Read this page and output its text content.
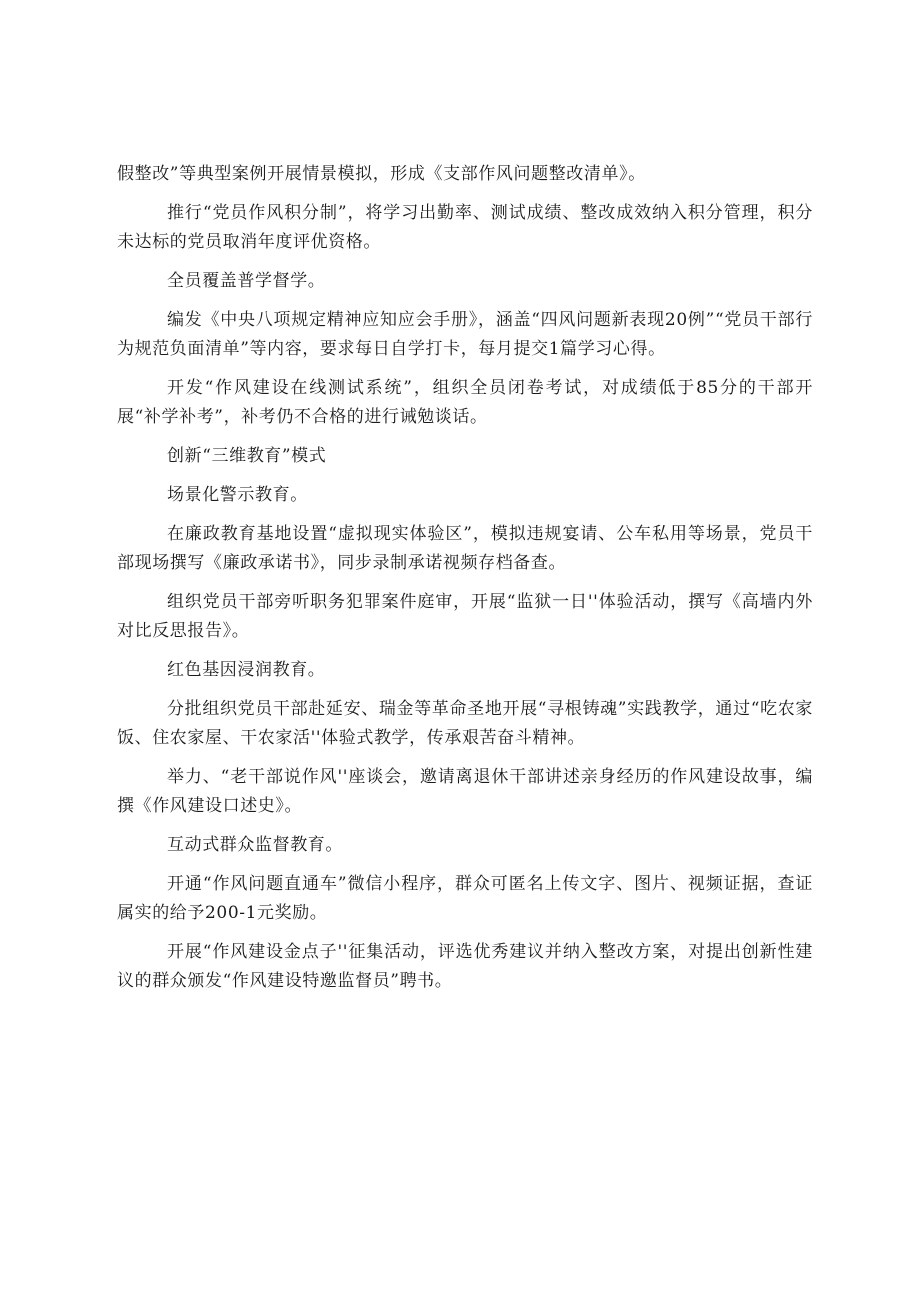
假整改”等典型案例开展情景模拟，形成《支部作风问题整改清单》。

推行“党员作风积分制”，将学习出勤率、测试成绩、整改成效纳入积分管理，积分未达标的党员取消年度评优资格。

全员覆盖普学督学。

编发《中央八项规定精神应知应会手册》，涵盖“四风问题新表现20例”“党员干部行为规范负面清单”等内容，要求每日自学打卡，每月提交1篇学习心得。

开发“作风建设在线测试系统”，组织全员闭卷考试，对成绩低于85分的干部开展“补学补考”，补考仍不合格的进行诫勉谈话。

创新“三维教育”模式

场景化警示教育。

在廉政教育基地设置“虚拟现实体验区”，模拟违规宴请、公车私用等场景，党员干部现场撰写《廉政承诺书》，同步录制承诺视频存档备查。

组织党员干部旁听职务犯罪案件庭审，开展“监狱一日''体验活动，撰写《高墙内外对比反思报告》。

红色基因浸润教育。

分批组织党员干部赴延安、瑞金等革命圣地开展“寻根铸魂”实践教学，通过“吃农家饭、住农家屋、干农家活''体验式教学，传承艰苦奋斗精神。

举力、“老干部说作风''座谈会，邀请离退休干部讲述亲身经历的作风建设故事，编撰《作风建设口述史》。

互动式群众监督教育。

开通“作风问题直通车”微信小程序，群众可匿名上传文字、图片、视频证据，查证属实的给予200-1元奖励。

开展“作风建设金点子''征集活动，评选优秀建议并纳入整改方案，对提出创新性建议的群众颁发“作风建设特邀监督员”聘书。
